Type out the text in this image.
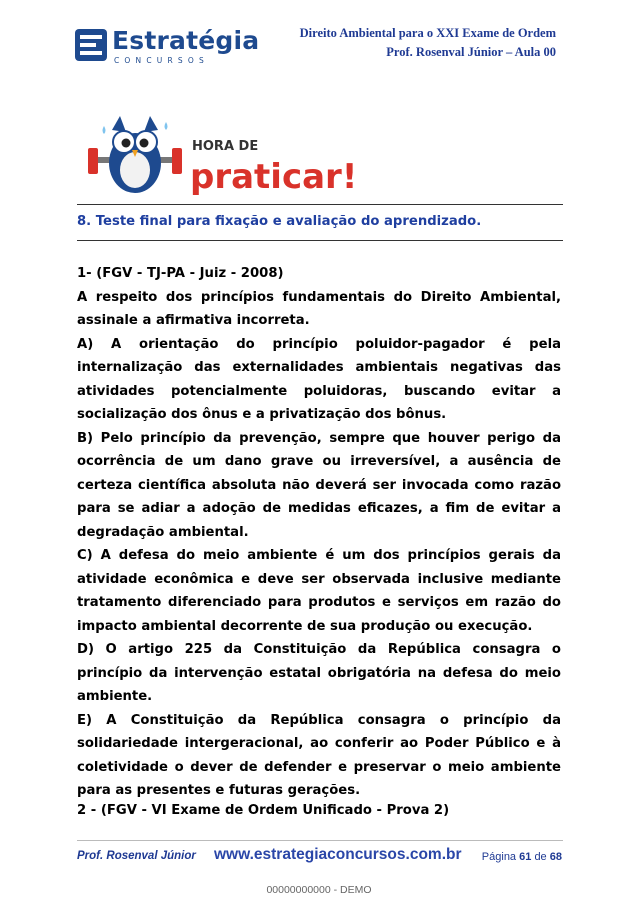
Estratégia
CONCURSOS
Direito Ambiental para o XXI Exame de Ordem
Prof. Rosenval Júnior – Aula 00
HORA DE
praticar!
8. Teste final para fixação e avaliação do aprendizado.

1- (FGV - TJ-PA - Juiz - 2008)

A respeito dos princípios fundamentais do Direito Ambiental, assinale a afirmativa incorreta.

A) A orientação do princípio poluidor-pagador é pela internalização das externalidades ambientais negativas das atividades potencialmente poluidoras, buscando evitar a socialização dos ônus e a privatização dos bônus.

B) Pelo princípio da prevenção, sempre que houver perigo da ocorrência de um dano grave ou irreversível, a ausência de certeza científica absoluta não deverá ser invocada como razão para se adiar a adoção de medidas eficazes, a fim de evitar a degradação ambiental.

C) A defesa do meio ambiente é um dos princípios gerais da atividade econômica e deve ser observada inclusive mediante tratamento diferenciado para produtos e serviços em razão do impacto ambiental decorrente de sua produção ou execução.

D) O artigo 225 da Constituição da República consagra o princípio da intervenção estatal obrigatória na defesa do meio ambiente.

E) A Constituição da República consagra o princípio da solidariedade intergeracional, ao conferir ao Poder Público e à coletividade o dever de defender e preservar o meio ambiente para as presentes e futuras gerações.

2 - (FGV - VI Exame de Ordem Unificado - Prova 2)
Prof. Rosenval Júnior www.estrategiaconcursos.com.br Página 61 de 68
00000000000 - DEMO
